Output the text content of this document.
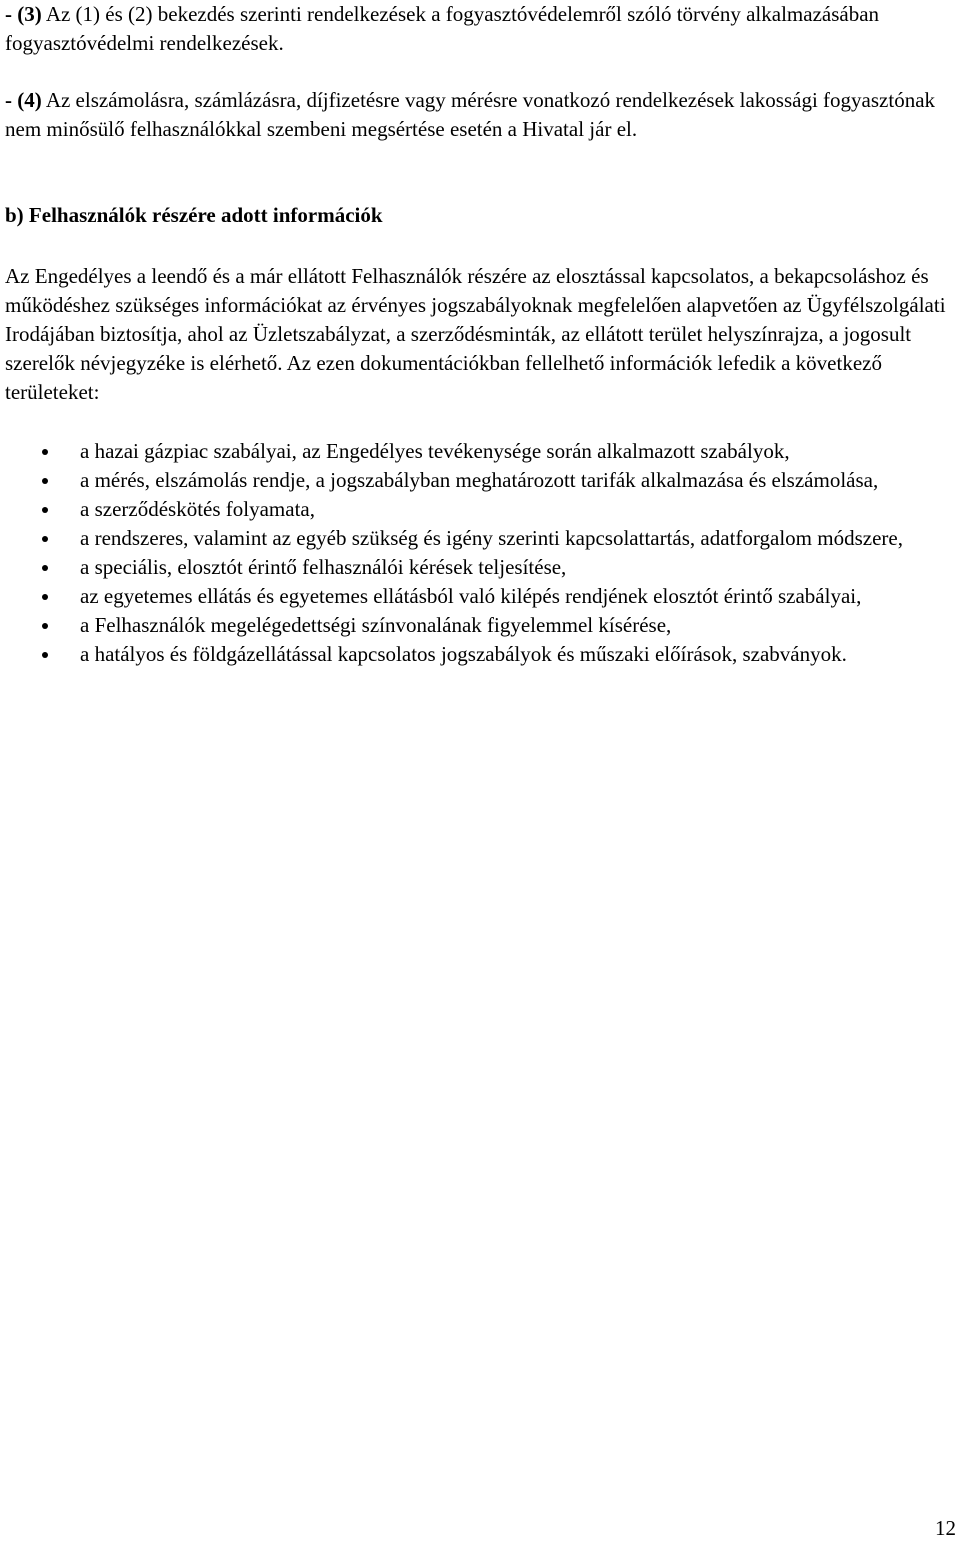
- (3) Az (1) és (2) bekezdés szerinti rendelkezések a fogyasztóvédelemről szóló törvény alkalmazásában fogyasztóvédelmi rendelkezések.

- (4) Az elszámolásra, számlázásra, díjfizetésre vagy mérésre vonatkozó rendelkezések lakossági fogyasztónak nem minősülő felhasználókkal szembeni megsértése esetén a Hivatal jár el.

b) Felhasználók részére adott információk

Az Engedélyes a leendő és a már ellátott Felhasználók részére az elosztással kapcsolatos, a bekapcsoláshoz és működéshez szükséges információkat az érvényes jogszabályoknak megfelelően alapvetően az Ügyfélszolgálati Irodájában biztosítja, ahol az Üzletszabályzat, a szerződésminták, az ellátott terület helyszínrajza, a jogosult szerelők névjegyzéke is elérhető. Az ezen dokumentációkban fellelhető információk lefedik a következő területeket:

a hazai gázpiac szabályai, az Engedélyes tevékenysége során alkalmazott szabályok,
a mérés, elszámolás rendje, a jogszabályban meghatározott tarifák alkalmazása és elszámolása,
a szerződéskötés folyamata,
a rendszeres, valamint az egyéb szükség és igény szerinti kapcsolattartás, adatforgalom módszere,
a speciális, elosztót érintő felhasználói kérések teljesítése,
az egyetemes ellátás és egyetemes ellátásból való kilépés rendjének elosztót érintő szabályai,
a Felhasználók megelégedettségi színvonalának figyelemmel kísérése,
a hatályos és földgázellátással kapcsolatos jogszabályok és műszaki előírások, szabványok.
12
